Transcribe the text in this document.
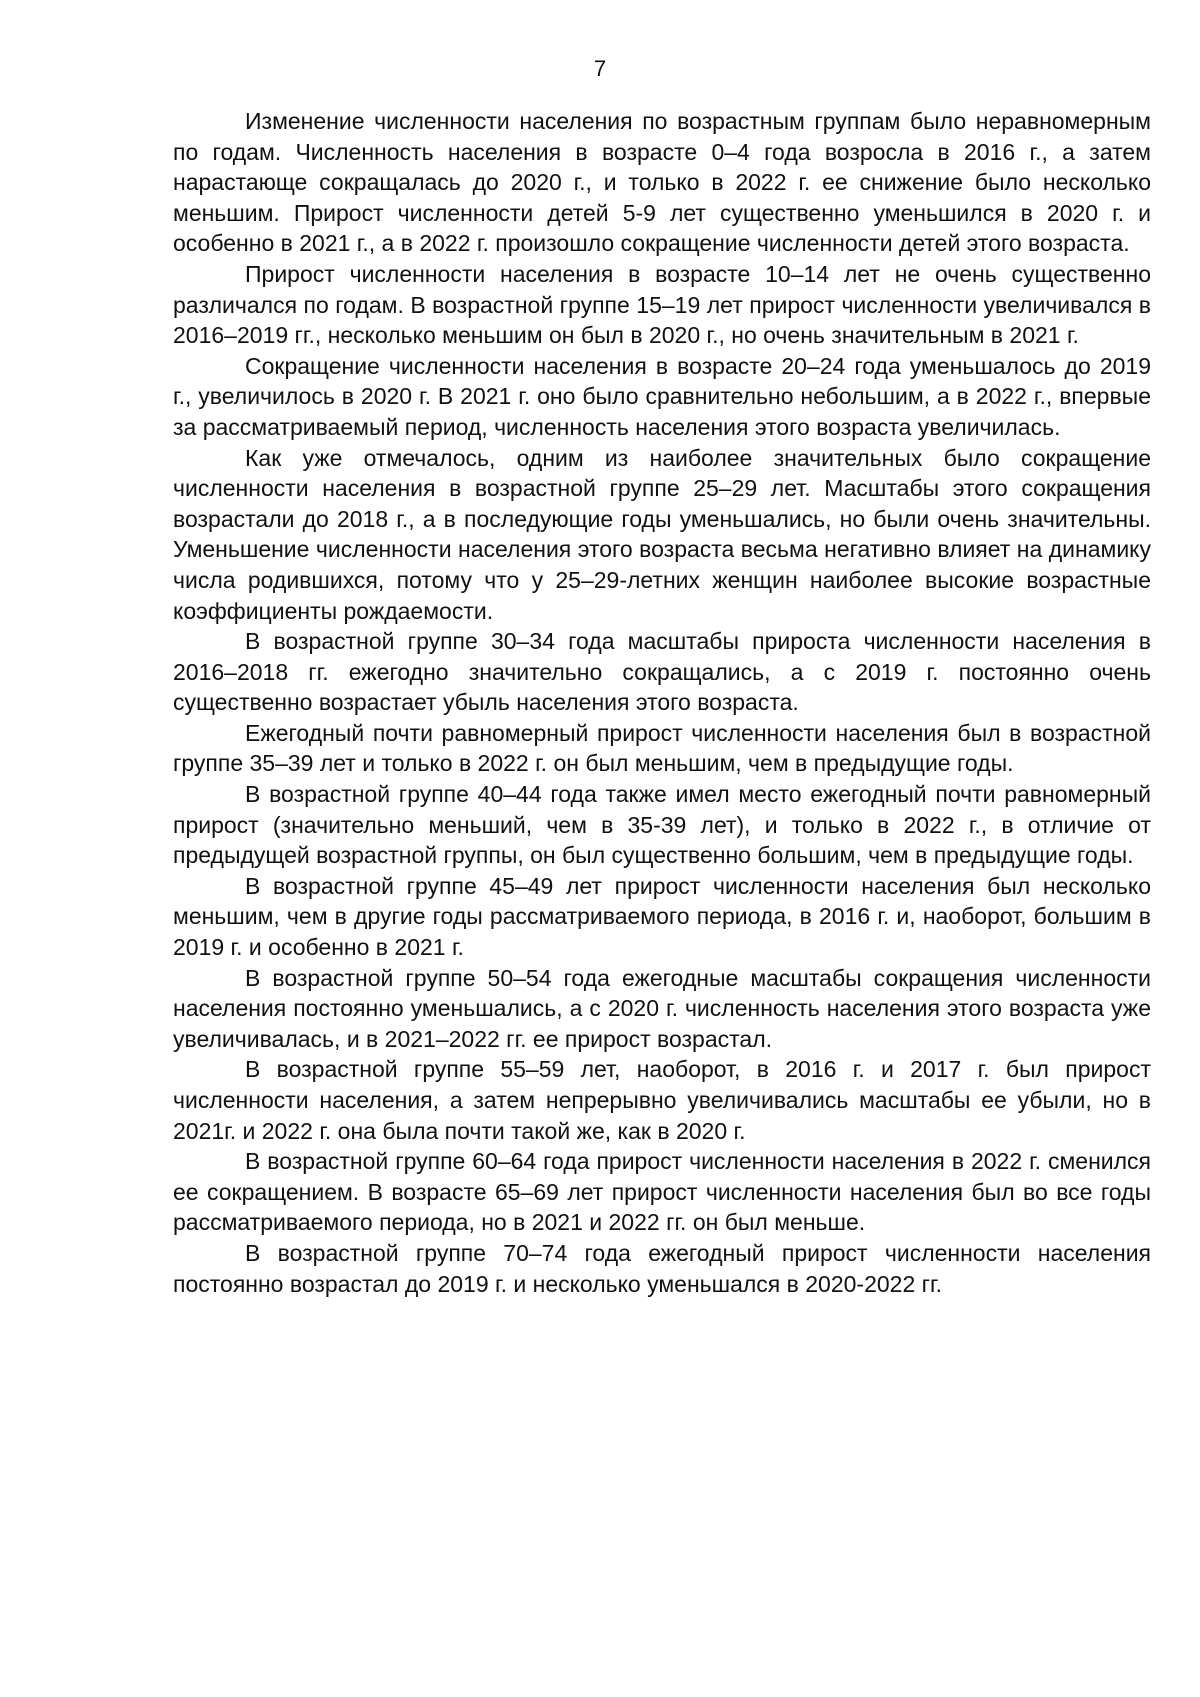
7

Изменение численности населения по возрастным группам было неравномерным по годам. Численность населения в возрасте 0–4 года возросла в 2016 г., а затем нарастающе сокращалась до 2020 г., и только в 2022 г. ее снижение было несколько меньшим. Прирост численности детей 5-9 лет существенно уменьшился в 2020 г. и особенно в 2021 г., а в 2022 г. произошло сокращение численности детей этого возраста.

Прирост численности населения в возрасте 10–14 лет не очень существенно различался по годам. В возрастной группе 15–19 лет прирост численности увеличивался в 2016–2019 гг., несколько меньшим он был в 2020 г., но очень значительным в 2021 г.

Сокращение численности населения в возрасте 20–24 года уменьшалось до 2019 г., увеличилось в 2020 г. В 2021 г. оно было сравнительно небольшим, а в 2022 г., впервые за рассматриваемый период, численность населения этого возраста увеличилась.

Как уже отмечалось, одним из наиболее значительных было сокращение численности населения в возрастной группе 25–29 лет. Масштабы этого сокращения возрастали до 2018 г., а в последующие годы уменьшались, но были очень значительны. Уменьшение численности населения этого возраста весьма негативно влияет на динамику числа родившихся, потому что у 25–29-летних женщин наиболее высокие возрастные коэффициенты рождаемости.

В возрастной группе 30–34 года масштабы прироста численности населения в 2016–2018 гг. ежегодно значительно сокращались, а с 2019 г. постоянно очень существенно возрастает убыль населения этого возраста.

Ежегодный почти равномерный прирост численности населения был в возрастной группе 35–39 лет и только в 2022 г. он был меньшим, чем в предыдущие годы.

В возрастной группе 40–44 года также имел место ежегодный почти равномерный прирост (значительно меньший, чем в 35-39 лет), и только в 2022 г., в отличие от предыдущей возрастной группы, он был существенно большим, чем в предыдущие годы.

В возрастной группе 45–49 лет прирост численности населения был несколько меньшим, чем в другие годы рассматриваемого периода, в 2016 г. и, наоборот, большим в 2019 г. и особенно в 2021 г.

В возрастной группе 50–54 года ежегодные масштабы сокращения численности населения постоянно уменьшались, а с 2020 г. численность населения этого возраста уже увеличивалась, и в 2021–2022 гг. ее прирост возрастал.

В возрастной группе 55–59 лет, наоборот, в 2016 г. и 2017 г. был прирост численности населения, а затем непрерывно увеличивались масштабы ее убыли, но в 2021г. и 2022 г. она была почти такой же, как в 2020 г.

В возрастной группе 60–64 года прирост численности населения в 2022 г. сменился ее сокращением. В возрасте 65–69 лет прирост численности населения был во все годы рассматриваемого периода, но в 2021 и 2022 гг. он был меньше.

В возрастной группе 70–74 года ежегодный прирост численности населения постоянно возрастал до 2019 г. и несколько уменьшался в 2020-2022 гг.
